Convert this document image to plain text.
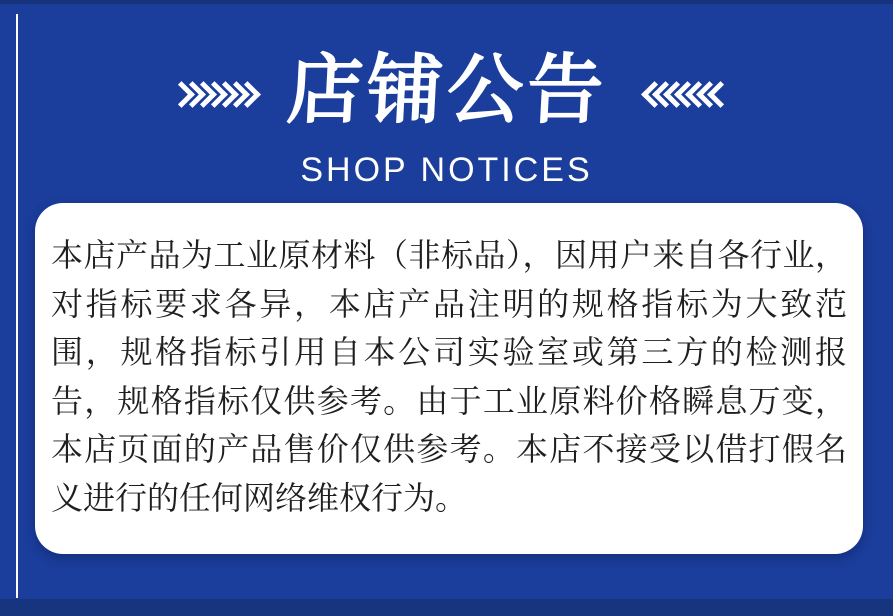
店铺公告
SHOP NOTICES

本店产品为工业原材料（非标品），因用户来自各行业，对指标要求各异，本店产品注明的规格指标为大致范围，规格指标引用自本公司实验室或第三方的检测报告，规格指标仅供参考。由于工业原料价格瞬息万变，本店页面的产品售价仅供参考。本店不接受以借打假名义进行的任何网络维权行为。
